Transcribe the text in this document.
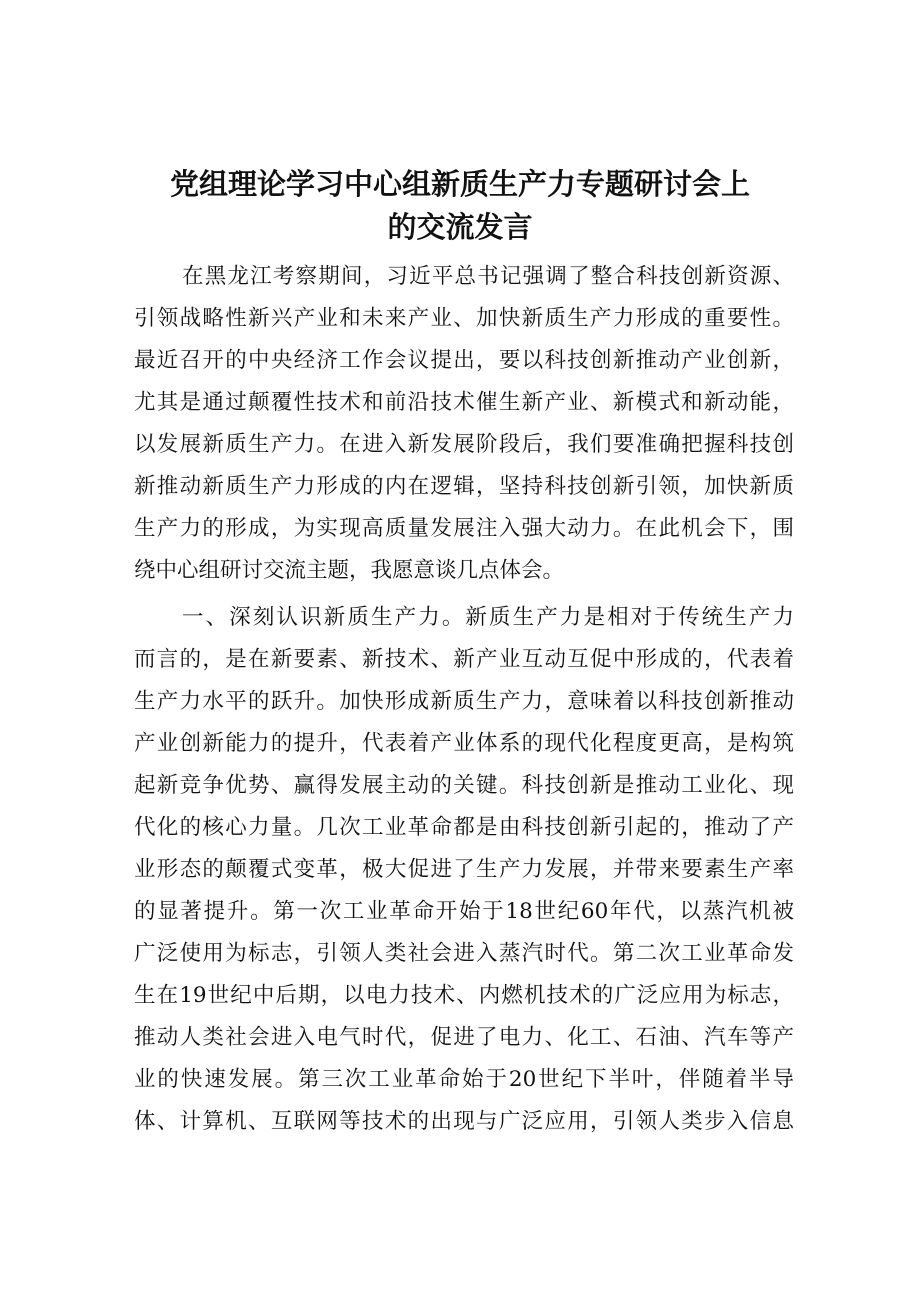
党组理论学习中心组新质生产力专题研讨会上
的交流发言
在黑龙江考察期间，习近平总书记强调了整合科技创新资源、
引领战略性新兴产业和未来产业、加快新质生产力形成的重要性。
最近召开的中央经济工作会议提出，要以科技创新推动产业创新，
尤其是通过颠覆性技术和前沿技术催生新产业、新模式和新动能，
以发展新质生产力。在进入新发展阶段后，我们要准确把握科技创
新推动新质生产力形成的内在逻辑，坚持科技创新引领，加快新质
生产力的形成，为实现高质量发展注入强大动力。在此机会下，围
绕中心组研讨交流主题，我愿意谈几点体会。
一、深刻认识新质生产力。新质生产力是相对于传统生产力
而言的，是在新要素、新技术、新产业互动互促中形成的，代表着
生产力水平的跃升。加快形成新质生产力，意味着以科技创新推动
产业创新能力的提升，代表着产业体系的现代化程度更高，是构筑
起新竞争优势、赢得发展主动的关键。科技创新是推动工业化、现
代化的核心力量。几次工业革命都是由科技创新引起的，推动了产
业形态的颠覆式变革，极大促进了生产力发展，并带来要素生产率
的显著提升。第一次工业革命开始于18世纪60年代，以蒸汽机被
广泛使用为标志，引领人类社会进入蒸汽时代。第二次工业革命发
生在19世纪中后期，以电力技术、内燃机技术的广泛应用为标志，
推动人类社会进入电气时代，促进了电力、化工、石油、汽车等产
业的快速发展。第三次工业革命始于20世纪下半叶，伴随着半导
体、计算机、互联网等技术的出现与广泛应用，引领人类步入信息
